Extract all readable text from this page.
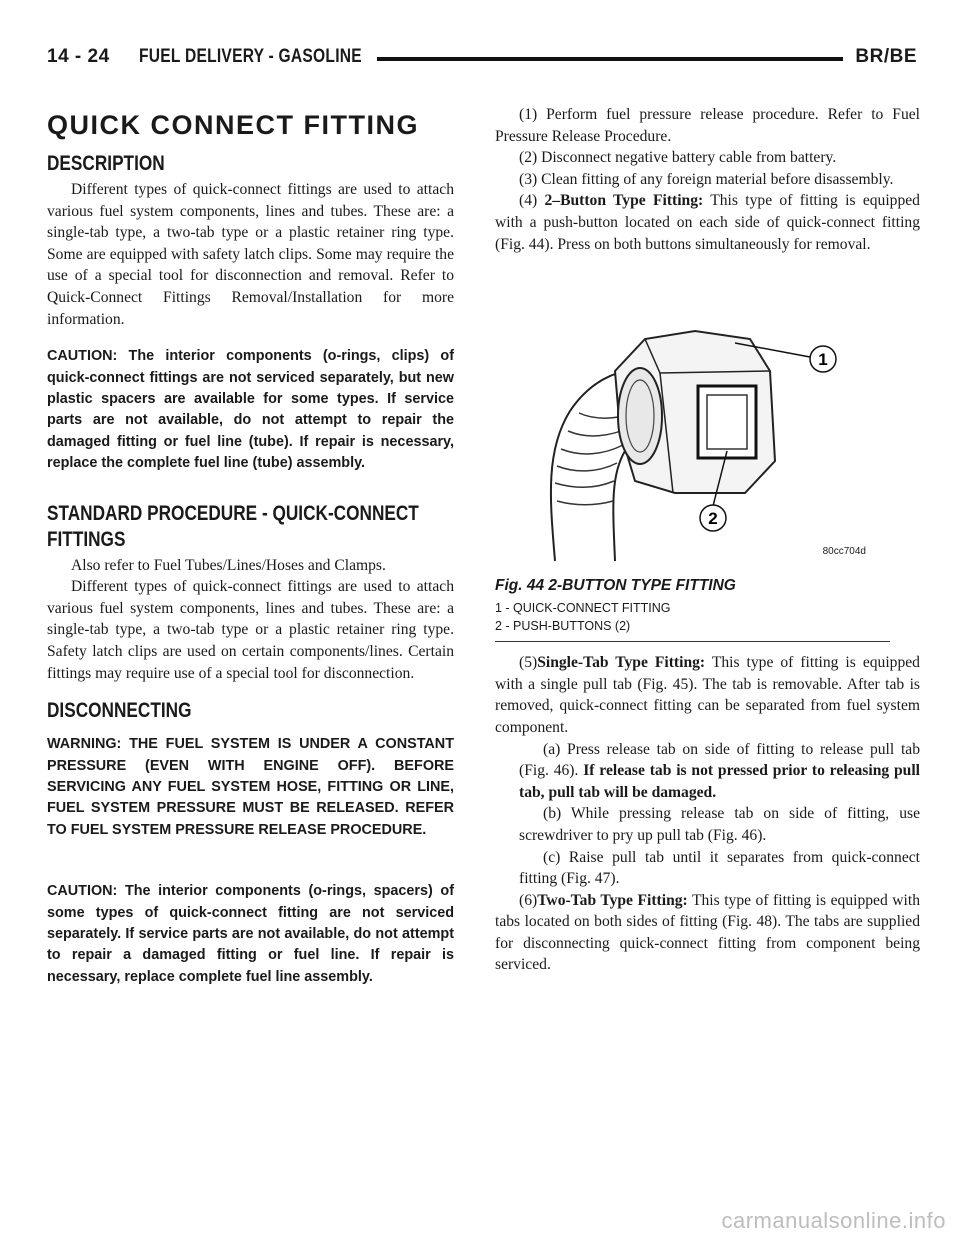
14 - 24 FUEL DELIVERY - GASOLINE	BR/BE
QUICK CONNECT FITTING
DESCRIPTION

Different types of quick-connect fittings are used to attach various fuel system components, lines and tubes. These are: a single-tab type, a two-tab type or a plastic retainer ring type. Some are equipped with safety latch clips. Some may require the use of a special tool for disconnection and removal. Refer to Quick-Connect Fittings Removal/Installation for more information.

CAUTION: The interior components (o-rings, clips) of quick-connect fittings are not serviced separately, but new plastic spacers are available for some types. If service parts are not available, do not attempt to repair the damaged fitting or fuel line (tube). If repair is necessary, replace the complete fuel line (tube) assembly.

STANDARD PROCEDURE - QUICK-CONNECT FITTINGS

Also refer to Fuel Tubes/Lines/Hoses and Clamps.

Different types of quick-connect fittings are used to attach various fuel system components, lines and tubes. These are: a single-tab type, a two-tab type or a plastic retainer ring type. Safety latch clips are used on certain components/lines. Certain fittings may require use of a special tool for disconnection.

DISCONNECTING

WARNING: THE FUEL SYSTEM IS UNDER A CONSTANT PRESSURE (EVEN WITH ENGINE OFF). BEFORE SERVICING ANY FUEL SYSTEM HOSE, FITTING OR LINE, FUEL SYSTEM PRESSURE MUST BE RELEASED. REFER TO FUEL SYSTEM PRESSURE RELEASE PROCEDURE.

CAUTION: The interior components (o-rings, spacers) of some types of quick-connect fitting are not serviced separately. If service parts are not available, do not attempt to repair a damaged fitting or fuel line. If repair is necessary, replace complete fuel line assembly.

(1) Perform fuel pressure release procedure. Refer to Fuel Pressure Release Procedure.

(2) Disconnect negative battery cable from battery.

(3) Clean fitting of any foreign material before disassembly.

(4) 2–Button Type Fitting: This type of fitting is equipped with a push-button located on each side of quick-connect fitting (Fig. 44). Press on both buttons simultaneously for removal.

1
2
80cc704d
Fig. 44 2-BUTTON TYPE FITTING
1 - QUICK-CONNECT FITTING
2 - PUSH-BUTTONS (2)

(5)Single-Tab Type Fitting: This type of fitting is equipped with a single pull tab (Fig. 45). The tab is removable. After tab is removed, quick-connect fitting can be separated from fuel system component.

(a) Press release tab on side of fitting to release pull tab (Fig. 46). If release tab is not pressed prior to releasing pull tab, pull tab will be damaged.

(b) While pressing release tab on side of fitting, use screwdriver to pry up pull tab (Fig. 46).

(c) Raise pull tab until it separates from quick-connect fitting (Fig. 47).

(6)Two-Tab Type Fitting: This type of fitting is equipped with tabs located on both sides of fitting (Fig. 48). The tabs are supplied for disconnecting quick-connect fitting from component being serviced.

carmanualsonline.info
